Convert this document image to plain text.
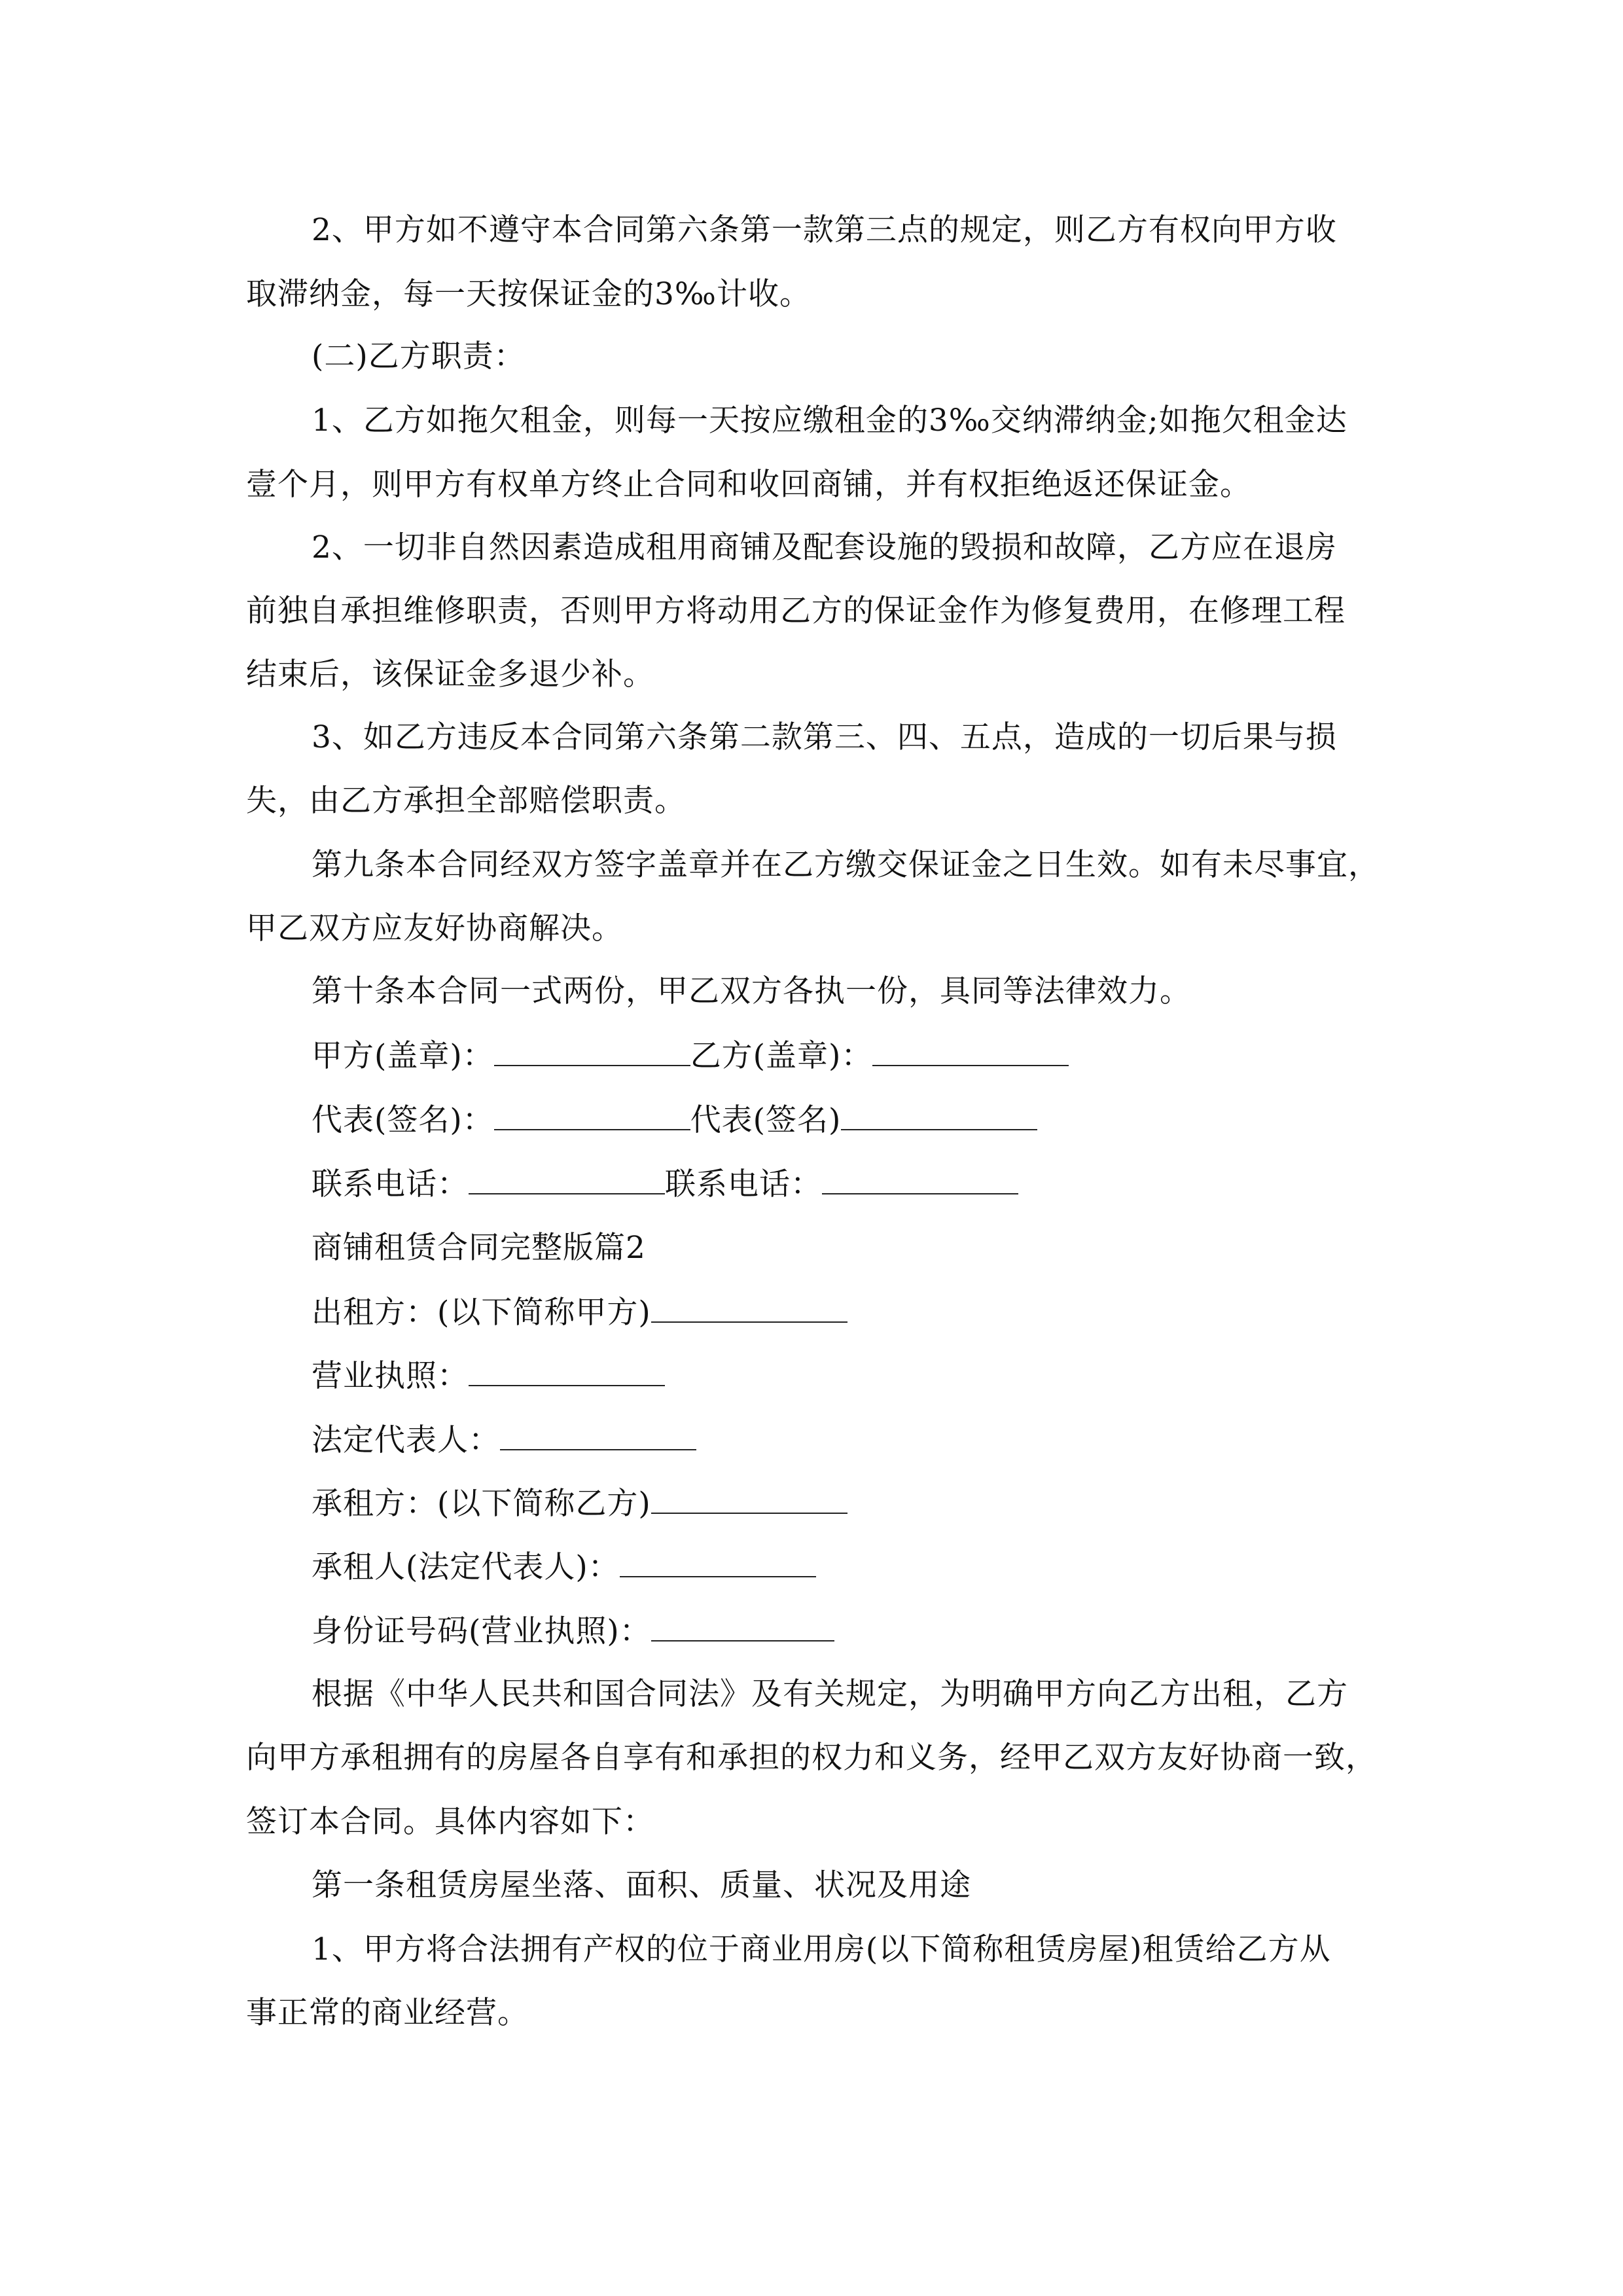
2、甲方如不遵守本合同第六条第一款第三点的规定，则乙方有权向甲方收
取滞纳金，每一天按保证金的3‰计收。
(二)乙方职责：
1、乙方如拖欠租金，则每一天按应缴租金的3‰交纳滞纳金;如拖欠租金达
壹个月，则甲方有权单方终止合同和收回商铺，并有权拒绝返还保证金。
2、一切非自然因素造成租用商铺及配套设施的毁损和故障，乙方应在退房
前独自承担维修职责，否则甲方将动用乙方的保证金作为修复费用，在修理工程
结束后，该保证金多退少补。
3、如乙方违反本合同第六条第二款第三、四、五点，造成的一切后果与损
失，由乙方承担全部赔偿职责。
第九条本合同经双方签字盖章并在乙方缴交保证金之日生效。如有未尽事宜，
甲乙双方应友好协商解决。
第十条本合同一式两份，甲乙双方各执一份，具同等法律效力。
甲方(盖章)：	乙方(盖章)：
代表(签名)：	代表(签名)
联系电话：	联系电话：
商铺租赁合同完整版篇2
出租方：(以下简称甲方)
营业执照：
法定代表人：
承租方：(以下简称乙方)
承租人(法定代表人)：
身份证号码(营业执照)：
根据《中华人民共和国合同法》及有关规定，为明确甲方向乙方出租，乙方
向甲方承租拥有的房屋各自享有和承担的权力和义务，经甲乙双方友好协商一致，
签订本合同。具体内容如下：
第一条租赁房屋坐落、面积、质量、状况及用途
1、甲方将合法拥有产权的位于商业用房(以下简称租赁房屋)租赁给乙方从
事正常的商业经营。
